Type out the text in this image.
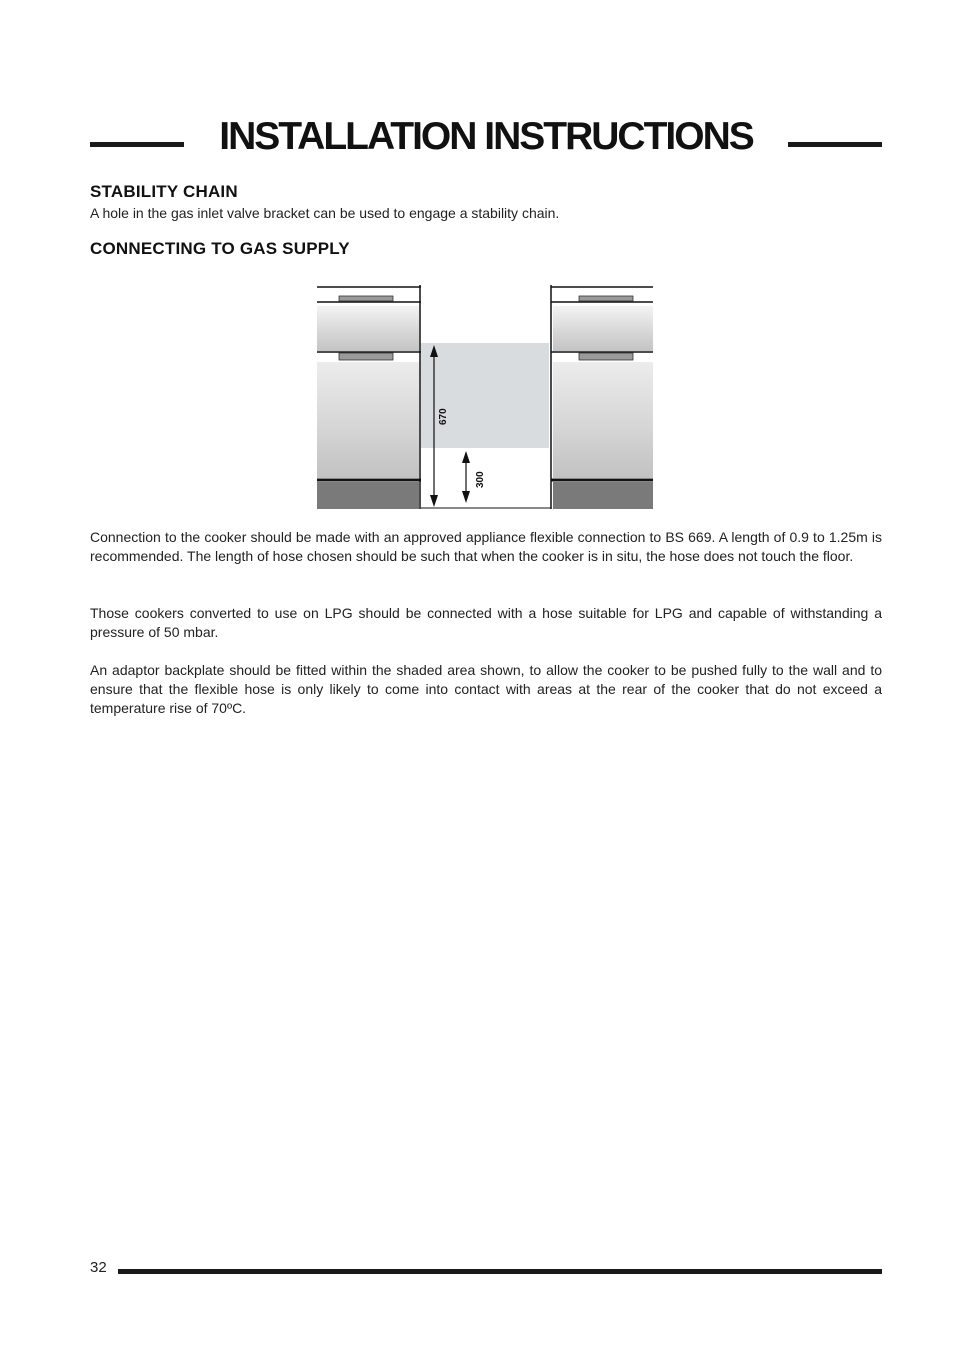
INSTALLATION INSTRUCTIONS
STABILITY CHAIN

A hole in the gas inlet valve bracket can be used to engage a stability chain.

CONNECTING TO GAS SUPPLY
670
300

Connection to the cooker should be made with an approved appliance flexible connection to BS 669. A length of 0.9 to 1.25m is recommended. The length of hose chosen should be such that when the cooker is in situ, the hose does not touch the floor.

Those cookers converted to use on LPG should be connected with a hose suitable for LPG and capable of withstanding a pressure of 50 mbar.

An adaptor backplate should be fitted within the shaded area shown, to allow the cooker to be pushed fully to the wall and to ensure that the flexible hose is only likely to come into contact with areas at the rear of the cooker that do not exceed a temperature rise of 70ºC.

32
